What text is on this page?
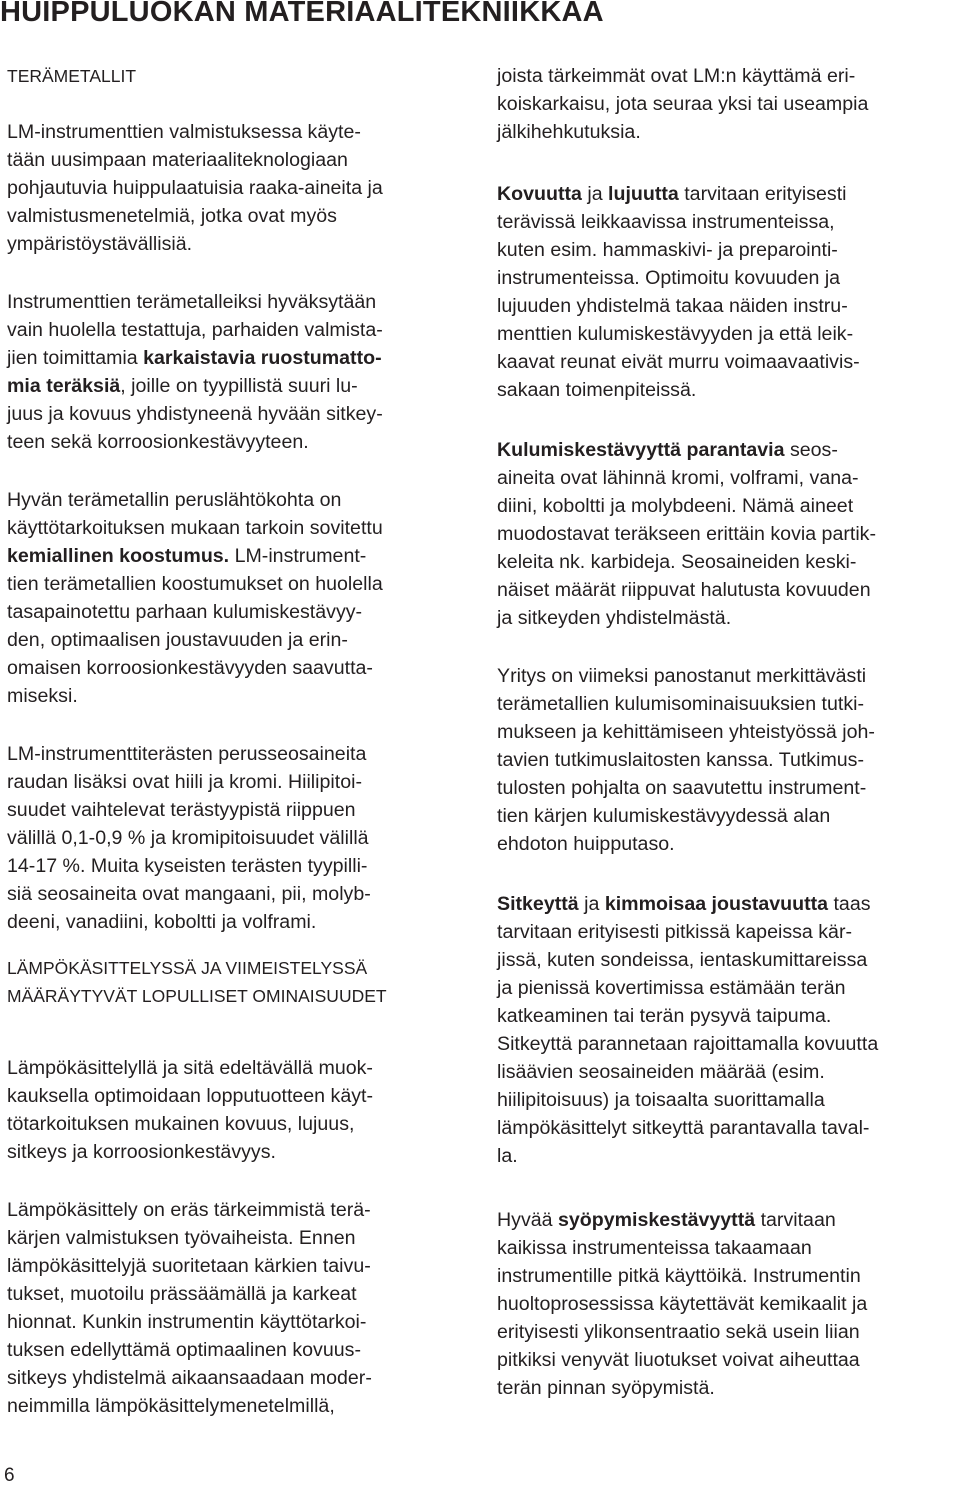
HUIPPULUOKAN MATERIAALITEKNIIKKAA
TERÄMETALLIT
LM-instrumenttien valmistuksessa käyte-
tään uusimpaan materiaaliteknologiaan
pohjautuvia huippulaatuisia raaka-aineita ja
valmistusmenetelmiä, jotka ovat myös
ympäristöystävällisiä.
Instrumenttien terämetalleiksi hyväksytään
vain huolella testattuja, parhaiden valmista-
jien toimittamia karkaistavia ruostumatto-
mia teräksiä, joille on tyypillistä suuri lu-
juus ja kovuus yhdistyneenä hyvään sitkey-
teen sekä korroosionkestävyyteen.
Hyvän terämetallin peruslähtökohta on
käyttötarkoituksen mukaan tarkoin sovitettu
kemiallinen koostumus. LM-instrument-
tien terämetallien koostumukset on huolella
tasapainotettu parhaan kulumiskestävyy-
den, optimaalisen joustavuuden ja erin-
omaisen korroosionkestävyyden saavutta-
miseksi.
LM-instrumenttiterästen perusseosaineita
raudan lisäksi ovat hiili ja kromi. Hiilipitoi-
suudet vaihtelevat terästyypistä riippuen
välillä 0,1-0,9 % ja kromipitoisuudet välillä
14-17 %. Muita kyseisten terästen tyypilli-
siä seosaineita ovat mangaani, pii, molyb-
deeni, vanadiini, koboltti ja volframi.
LÄMPÖKÄSITTELYSSÄ JA VIIMEISTELYSSÄ
MÄÄRÄYTYVÄT LOPULLISET OMINAISUUDET
Lämpökäsittelyllä ja sitä edeltävällä muok-
kauksella optimoidaan lopputuotteen käyt-
tötarkoituksen mukainen kovuus, lujuus,
sitkeys ja korroosionkestävyys.
Lämpökäsittely on eräs tärkeimmistä terä-
kärjen valmistuksen työvaiheista. Ennen
lämpökäsittelyjä suoritetaan kärkien taivu-
tukset, muotoilu prässäämällä ja karkeat
hionnat. Kunkin instrumentin käyttötarkoi-
tuksen edellyttämä optimaalinen kovuus-
sitkeys yhdistelmä aikaansaadaan moder-
neimmilla lämpökäsittelymenetelmillä,
joista tärkeimmät ovat LM:n käyttämä eri-
koiskarkaisu, jota seuraa yksi tai useampia
jälkihehkutuksia.
Kovuutta ja lujuutta tarvitaan erityisesti
terävissä leikkaavissa instrumenteissa,
kuten esim. hammaskivi- ja preparointi-
instrumenteissa. Optimoitu kovuuden ja
lujuuden yhdistelmä takaa näiden instru-
menttien kulumiskestävyyden ja että leik-
kaavat reunat eivät murru voimaavaativis-
sakaan toimenpiteissä.
Kulumiskestävyyttä parantavia seos-
aineita ovat lähinnä kromi, volframi, vana-
diini, koboltti ja molybdeeni. Nämä aineet
muodostavat teräkseen erittäin kovia partik-
keleita nk. karbideja. Seosaineiden keski-
näiset määrät riippuvat halutusta kovuuden
ja sitkeyden yhdistelmästä.
Yritys on viimeksi panostanut merkittävästi
terämetallien kulumisominaisuuksien tutki-
mukseen ja kehittämiseen yhteistyössä joh-
tavien tutkimuslaitosten kanssa. Tutkimus-
tulosten pohjalta on saavutettu instrument-
tien kärjen kulumiskestävyydessä alan
ehdoton huipputaso.
Sitkeyttä ja kimmoisaa joustavuutta taas
tarvitaan erityisesti pitkissä kapeissa kär-
jissä, kuten sondeissa, ientaskumittareissa
ja pienissä kovertimissa estämään terän
katkeaminen tai terän pysyvä taipuma.
Sitkeyttä parannetaan rajoittamalla kovuutta
lisäävien seosaineiden määrää (esim.
hiilipitoisuus) ja toisaalta suorittamalla
lämpökäsittelyt sitkeyttä parantavalla taval-
la.
Hyvää syöpymiskestävyyttä tarvitaan
kaikissa instrumenteissa takaamaan
instrumentille pitkä käyttöikä. Instrumentin
huoltoprosessissa käytettävät kemikaalit ja
erityisesti ylikonsentraatio sekä usein liian
pitkiksi venyvät liuotukset voivat aiheuttaa
terän pinnan syöpymistä.
6
